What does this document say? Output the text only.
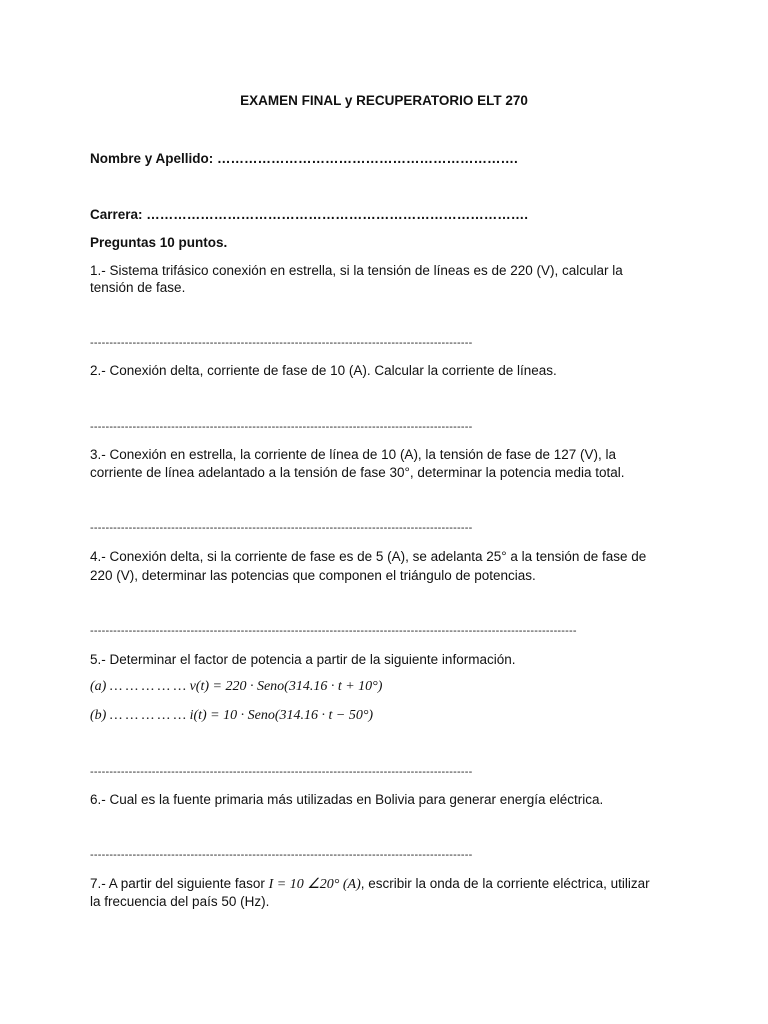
EXAMEN FINAL y RECUPERATORIO ELT 270
Nombre y Apellido: ………………………………………………………….
Carrera: ………………………………………………………………………….
Preguntas 10 puntos.
1.- Sistema trifásico conexión en estrella, si la tensión de líneas es de 220 (V), calcular la
tensión de fase.
---------------------------------------------------------------------------------------------------
2.- Conexión delta, corriente de fase de 10 (A). Calcular la corriente de líneas.
---------------------------------------------------------------------------------------------------
3.- Conexión en estrella, la corriente de línea de 10 (A), la tensión de fase de 127 (V), la
corriente de línea adelantado a la tensión de fase 30°, determinar la potencia media total.
---------------------------------------------------------------------------------------------------
4.- Conexión delta, si la corriente de fase es de 5 (A), se adelanta 25° a la tensión de fase de
220 (V), determinar las potencias que componen el triángulo de potencias.
------------------------------------------------------------------------------------------------------------------------------
5.- Determinar el factor de potencia a partir de la siguiente información.
(a) … … … … … v(t) = 220 · Seno(314.16 · t + 10°)
(b) … … … … … i(t) = 10 · Seno(314.16 · t − 50°)
---------------------------------------------------------------------------------------------------
6.- Cual es la fuente primaria más utilizadas en Bolivia para generar energía eléctrica.
---------------------------------------------------------------------------------------------------
7.- A partir del siguiente fasor I = 10 ∠20° (A), escribir la onda de la corriente eléctrica, utilizar
la frecuencia del país 50 (Hz).
